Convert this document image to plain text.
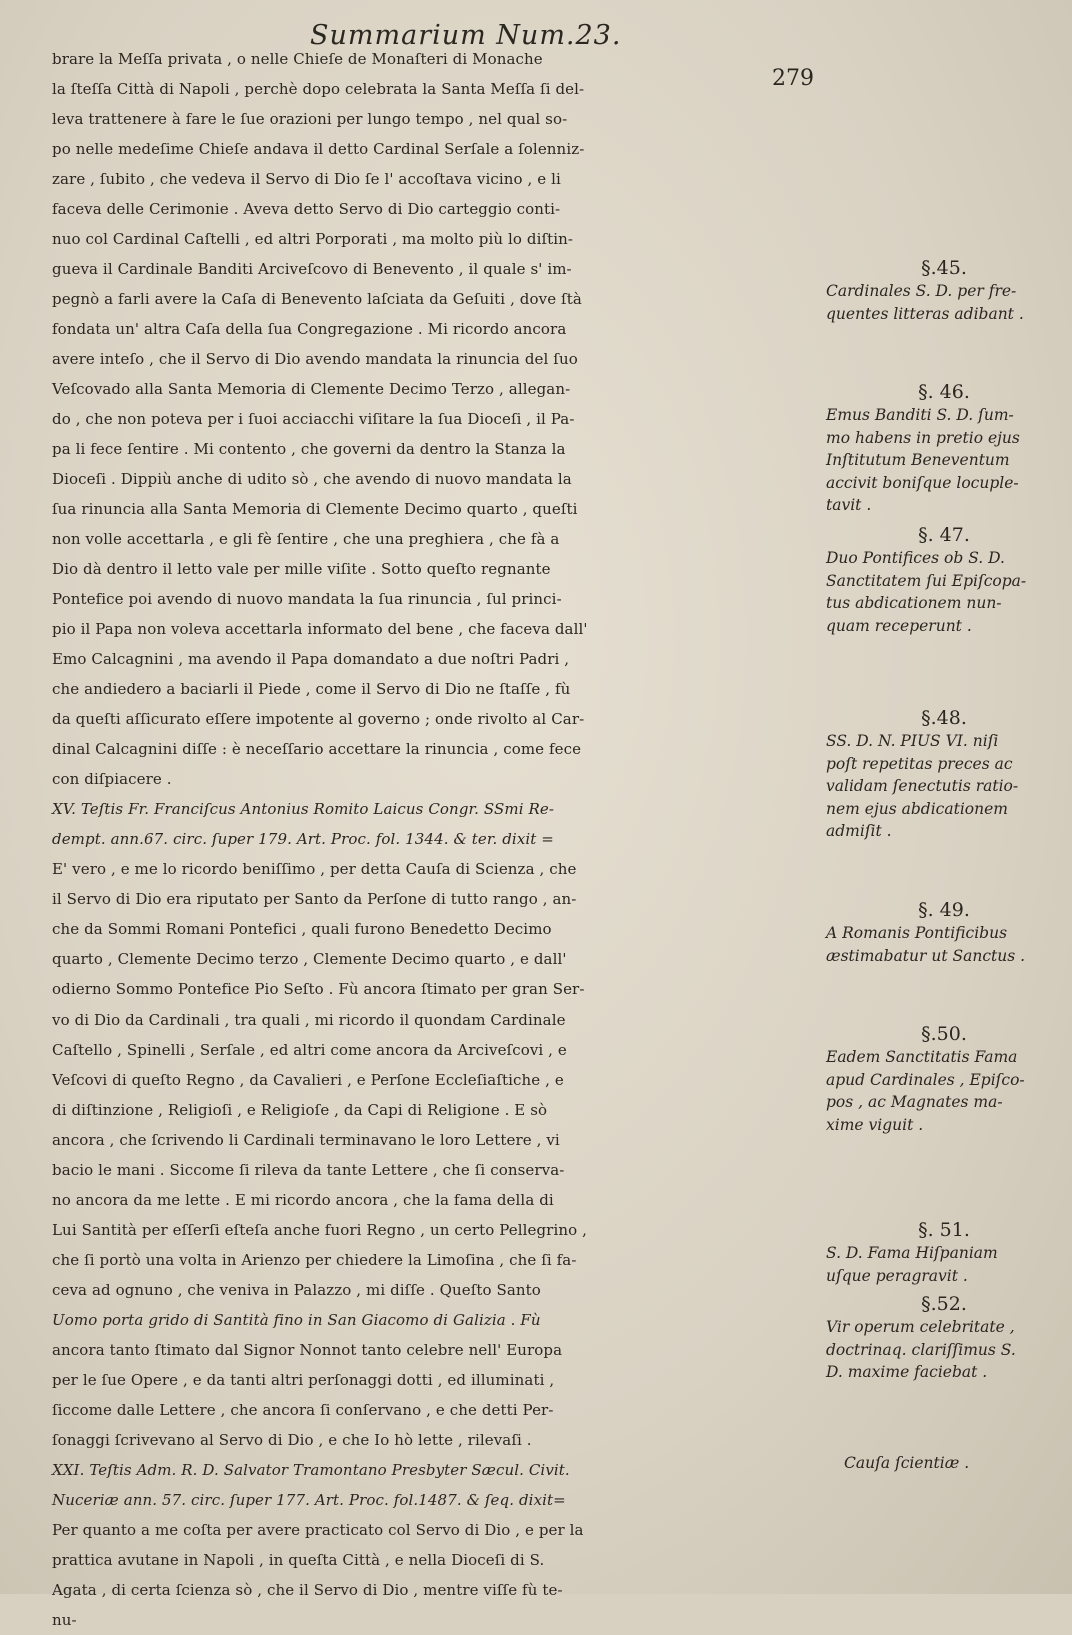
Summarium Num.23.
279
brare la Meſſa privata , o nelle Chieſe de Monaſteri di Monache
la ſteſſa Città di Napoli , perchè dopo celebrata la Santa Meſſa ſi del-
leva trattenere à fare le ſue orazioni per lungo tempo , nel qual so-
po nelle medeſime Chieſe andava il detto Cardinal Serſale a ſolenniz-
zare , ſubito , che vedeva il Servo di Dio ſe l' accoſtava vicino , e li
faceva delle Cerimonie . Aveva detto Servo di Dio carteggio conti-
nuo col Cardinal Caſtelli , ed altri Porporati , ma molto più lo diſtin-
gueva il Cardinale Banditi Arciveſcovo di Benevento , il quale s' im-
pegnò a farli avere la Caſa di Benevento laſciata da Geſuiti , dove ſtà
fondata un' altra Caſa della ſua Congregazione . Mi ricordo ancora
avere inteſo , che il Servo di Dio avendo mandata la rinuncia del ſuo
Veſcovado alla Santa Memoria di Clemente Decimo Terzo , allegan-
do , che non poteva per i ſuoi acciacchi viſitare la ſua Dioceſi , il Pa-
pa li fece ſentire . Mi contento , che governi da dentro la Stanza la
Dioceſi . Dippiù anche di udito sò , che avendo di nuovo mandata la
ſua rinuncia alla Santa Memoria di Clemente Decimo quarto , queſti
non volle accettarla , e gli fè ſentire , che una preghiera , che fà a
Dio dà dentro il letto vale per mille viſite . Sotto queſto regnante
Pontefice poi avendo di nuovo mandata la ſua rinuncia , ſul princi-
pio il Papa non voleva accettarla informato del bene , che faceva dall'
Emo Calcagnini , ma avendo il Papa domandato a due noſtri Padri ,
che andiedero a baciarli il Piede , come il Servo di Dio ne ſtaſſe , fù
da queſti aſſicurato eſſere impotente al governo ; onde rivolto al Car-
dinal Calcagnini diſſe : è neceſſario accettare la rinuncia , come fece
con diſpiacere .
XV. Teſtis Fr. Franciſcus Antonius Romito Laicus Congr. SSmi Re-
dempt. ann.67. circ. ſuper 179. Art. Proc. fol. 1344. & ter. dixit =
E' vero , e me lo ricordo beniſſimo , per detta Cauſa di Scienza , che
il Servo di Dio era riputato per Santo da Perſone di tutto rango , an-
che da Sommi Romani Pontefici , quali furono Benedetto Decimo
quarto , Clemente Decimo terzo , Clemente Decimo quarto , e dall'
odierno Sommo Pontefice Pio Seſto . Fù ancora ſtimato per gran Ser-
vo di Dio da Cardinali , tra quali , mi ricordo il quondam Cardinale
Caſtello , Spinelli , Serſale , ed altri come ancora da Arciveſcovi , e
Veſcovi di queſto Regno , da Cavalieri , e Perſone Eccleſiaſtiche , e
di diſtinzione , Religioſi , e Religioſe , da Capi di Religione . E sò
ancora , che ſcrivendo li Cardinali terminavano le loro Lettere , vi
bacio le mani . Siccome ſi rileva da tante Lettere , che ſi conserva-
no ancora da me lette . E mi ricordo ancora , che la fama della di
Lui Santità per eſſerſi eſteſa anche fuori Regno , un certo Pellegrino ,
che ſi portò una volta in Arienzo per chiedere la Limoſina , che ſi fa-
ceva ad ognuno , che veniva in Palazzo , mi diſſe . Queſto Santo
Uomo porta grido di Santità fino in San Giacomo di Galizia . Fù
ancora tanto ſtimato dal Signor Nonnot tanto celebre nell' Europa
per le ſue Opere , e da tanti altri perſonaggi dotti , ed illuminati ,
ſiccome dalle Lettere , che ancora ſi conſervano , e che detti Per-
ſonaggi ſcrivevano al Servo di Dio , e che Io hò lette , rilevaſi .
XXI. Teſtis Adm. R. D. Salvator Tramontano Presbyter Sæcul. Civit.
Nuceriæ ann. 57. circ. ſuper 177. Art. Proc. fol.1487. & ſeq. dixit=
Per quanto a me coſta per avere practicato col Servo di Dio , e per la
prattica avutane in Napoli , in queſta Città , e nella Dioceſi di S.
Agata , di certa ſcienza sò , che il Servo di Dio , mentre viſſe fù te-
nu-
§.45.
Cardinales S. D. per fre-
quentes litteras adibant .
§. 46.
Emus Banditi S. D. ſum-
mo habens in pretio ejus
Inſtitutum Beneventum
accivit boniſque locuple-
tavit .
§. 47.
Duo Pontifices ob S. D.
Sanctitatem ſui Epiſcopa-
tus abdicationem nun-
quam receperunt .
§.48.
SS. D. N. PIUS VI. niſi
poſt repetitas preces ac
validam ſenectutis ratio-
nem ejus abdicationem
admiſit .
§. 49.
A Romanis Pontificibus
æstimabatur ut Sanctus .
§.50.
Eadem Sanctitatis Fama
apud Cardinales , Epiſco-
pos , ac Magnates ma-
xime viguit .
§. 51.
S. D. Fama Hiſpaniam
uſque peragravit .
§.52.
Vir operum celebritate ,
doctrinaq. clariſſimus S.
D. maxime faciebat .
Cauſa ſcientiæ .
